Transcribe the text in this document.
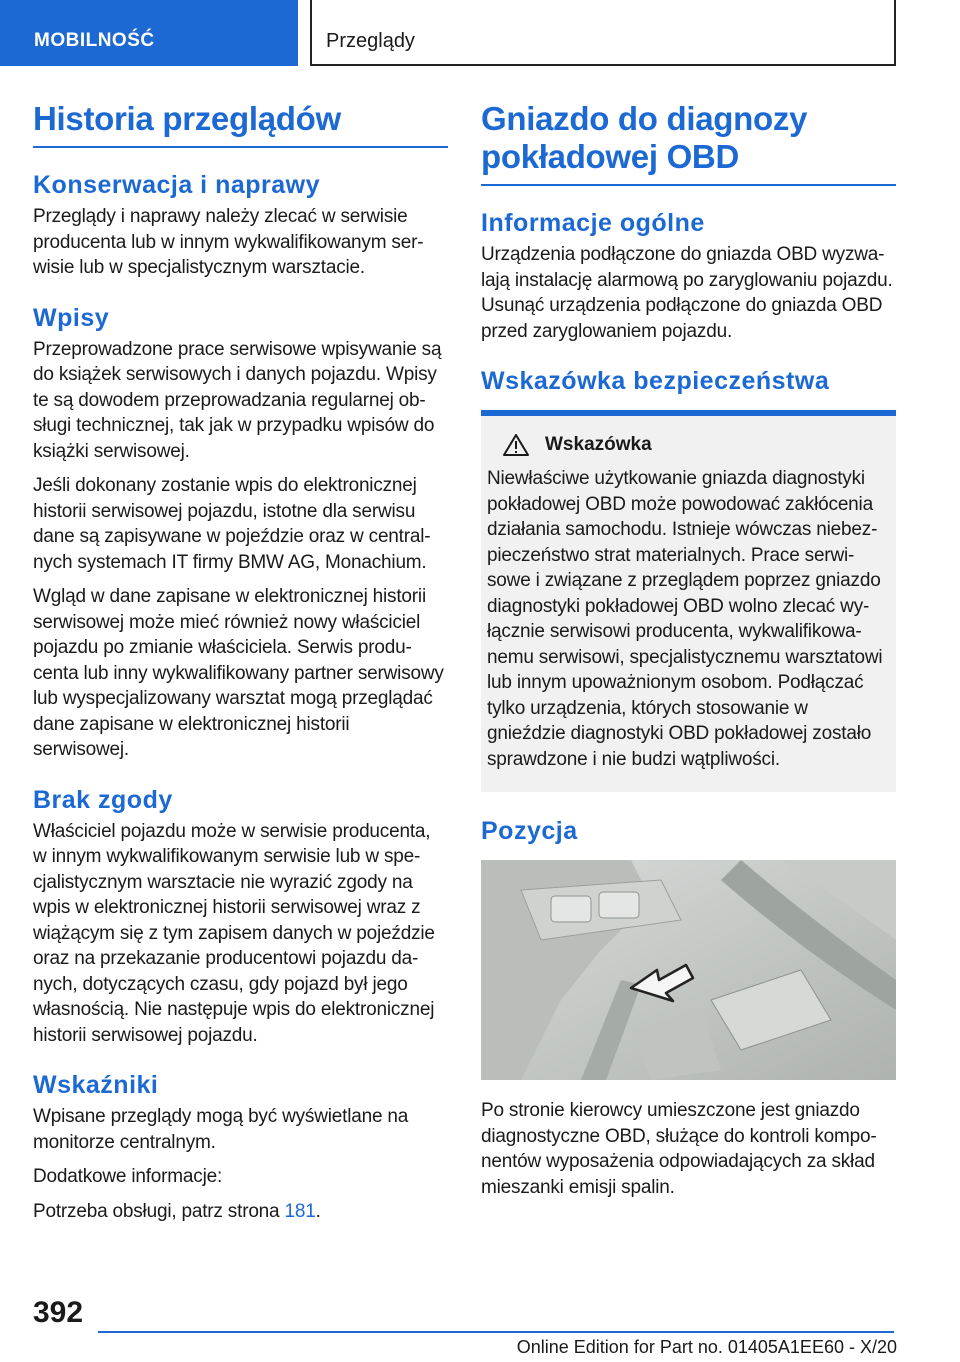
MOBILNOŚĆ	Przeglądy
Historia przeglądów
Konserwacja i naprawy

Przeglądy i naprawy należy zlecać w serwisie producenta lub w innym wykwalifikowanym serwisie lub w specjalistycznym warsztacie.

Wpisy

Przeprowadzone prace serwisowe wpisywanie są do książek serwisowych i danych pojazdu. Wpisy te są dowodem przeprowadzania regularnej obsługi technicznej, tak jak w przypadku wpisów do książki serwisowej.

Jeśli dokonany zostanie wpis do elektronicznej historii serwisowej pojazdu, istotne dla serwisu dane są zapisywane w pojeździe oraz w centralnych systemach IT firmy BMW AG, Monachium.

Wgląd w dane zapisane w elektronicznej historii serwisowej może mieć również nowy właściciel pojazdu po zmianie właściciela. Serwis producenta lub inny wykwalifikowany partner serwisowy lub wyspecjalizowany warsztat mogą przeglądać dane zapisane w elektronicznej historii serwisowej.

Brak zgody

Właściciel pojazdu może w serwisie producenta, w innym wykwalifikowanym serwisie lub w specjalistycznym warsztacie nie wyrazić zgody na wpis w elektronicznej historii serwisowej wraz z wiążącym się z tym zapisem danych w pojeździe oraz na przekazanie producentowi pojazdu danych, dotyczących czasu, gdy pojazd był jego własnością. Nie następuje wpis do elektronicznej historii serwisowej pojazdu.

Wskaźniki

Wpisane przeglądy mogą być wyświetlane na monitorze centralnym.

Dodatkowe informacje:

Potrzeba obsługi, patrz strona 181.

Gniazdo do diagnozy pokładowej OBD
Informacje ogólne

Urządzenia podłączone do gniazda OBD wyzwalają instalację alarmową po zaryglowaniu pojazdu. Usunąć urządzenia podłączone do gniazda OBD przed zaryglowaniem pojazdu.

Wskazówka bezpieczeństwa
Wskazówka

Niewłaściwe użytkowanie gniazda diagnostyki pokładowej OBD może powodować zakłócenia działania samochodu. Istnieje wówczas niebezpieczeństwo strat materialnych. Prace serwisowe i związane z przeglądem poprzez gniazdo diagnostyki pokładowej OBD wolno zlecać wyłącznie serwisowi producenta, wykwalifikowanemu serwisowi, specjalistycznemu warsztatowi lub innym upoważnionym osobom. Podłączać tylko urządzenia, których stosowanie w gnieździe diagnostyki OBD pokładowej zostało sprawdzone i nie budzi wątpliwości.

Pozycja

Po stronie kierowcy umieszczone jest gniazdo diagnostyczne OBD, służące do kontroli komponentów wyposażenia odpowiadających za skład mieszanki emisji spalin.

392
Online Edition for Part no. 01405A1EE60 - X/20
